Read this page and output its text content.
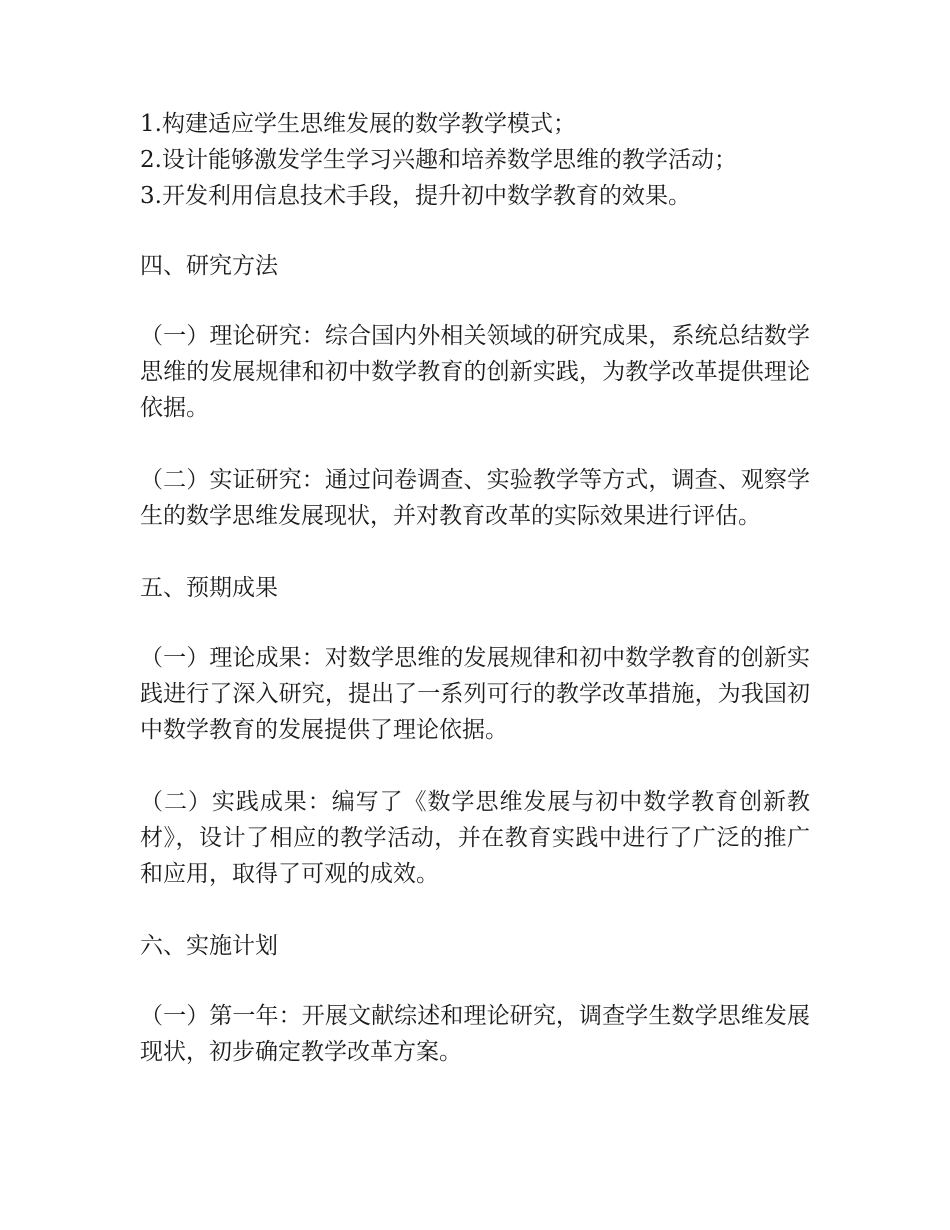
1.构建适应学生思维发展的数学教学模式；
2.设计能够激发学生学习兴趣和培养数学思维的教学活动；
3.开发利用信息技术手段，提升初中数学教育的效果。
四、研究方法
（一）理论研究：综合国内外相关领域的研究成果，系统总结数学思维的发展规律和初中数学教育的创新实践，为教学改革提供理论依据。
（二）实证研究：通过问卷调查、实验教学等方式，调查、观察学生的数学思维发展现状，并对教育改革的实际效果进行评估。
五、预期成果
（一）理论成果：对数学思维的发展规律和初中数学教育的创新实践进行了深入研究，提出了一系列可行的教学改革措施，为我国初中数学教育的发展提供了理论依据。
（二）实践成果：编写了《数学思维发展与初中数学教育创新教材》，设计了相应的教学活动，并在教育实践中进行了广泛的推广和应用，取得了可观的成效。
六、实施计划
（一）第一年：开展文献综述和理论研究，调查学生数学思维发展现状，初步确定教学改革方案。
